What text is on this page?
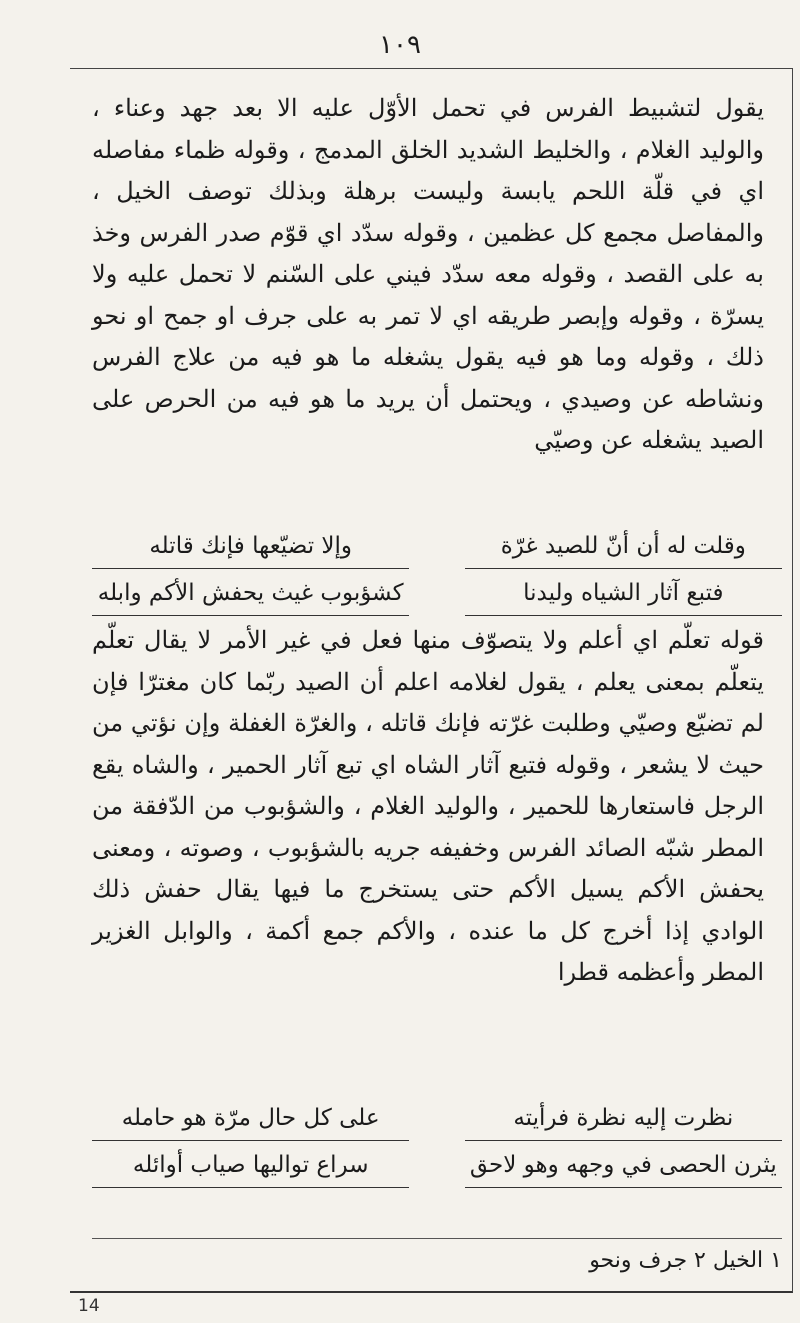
١٠٩

يقول لتشبيط الفرس في تحمل الأوّل عليه الا بعد جهد وعناء ، والوليد الغلام ، والخليط الشديد الخلق المدمج ، وقوله ظماء مفاصله اي في قلّة اللحم يابسة وليست برهلة وبذلك توصف الخيل ، والمفاصل مجمع كل عظمين ، وقوله سدّد اي قوّم صدر الفرس وخذ به على القصد ، وقوله معه سدّد فيني على السّنم لا تحمل عليه ولا يسرّة ، وقوله وإبصر طريقه اي لا تمر به على جرف او جمح او نحو ذلك ، وقوله وما هو فيه يقول يشغله ما هو فيه من علاج الفرس ونشاطه عن وصيدي ، ويحتمل أن يريد ما هو فيه من الحرص على الصيد يشغله عن وصيّي

وقلت له أن أنّ للصيد غرّة
وإلا تضيّعها فإنك قاتله
فتبع آثار الشياه وليدنا
كشؤبوب غيث يحفش الأكم وابله

قوله تعلّم اي أعلم ولا يتصوّف منها فعل في غير الأمر لا يقال تعلّم يتعلّم بمعنى يعلم ، يقول لغلامه اعلم أن الصيد ربّما كان مغترّا فإن لم تضيّع وصيّي وطلبت غرّته فإنك قاتله ، والغرّة الغفلة وإن نؤتي من حيث لا يشعر ، وقوله فتبع آثار الشاه اي تبع آثار الحمير ، والشاه يقع الرجل فاستعارها للحمير ، والوليد الغلام ، والشؤبوب من الدّفقة من المطر شبّه الصائد الفرس وخفيفه جريه بالشؤبوب ، وصوته ، ومعنى يحفش الأكم يسيل الأكم حتى يستخرج ما فيها يقال حفش ذلك الوادي إذا أخرج كل ما عنده ، والأكم جمع أكمة ، والوابل الغزير المطر وأعظمه قطرا

نظرت إليه نظرة فرأيته
على كل حال مرّة هو حامله
يثرن الحصى في وجهه وهو لاحق
سراع تواليها صياب أوائله
١ الخيل ٢ جرف ونحو
14
